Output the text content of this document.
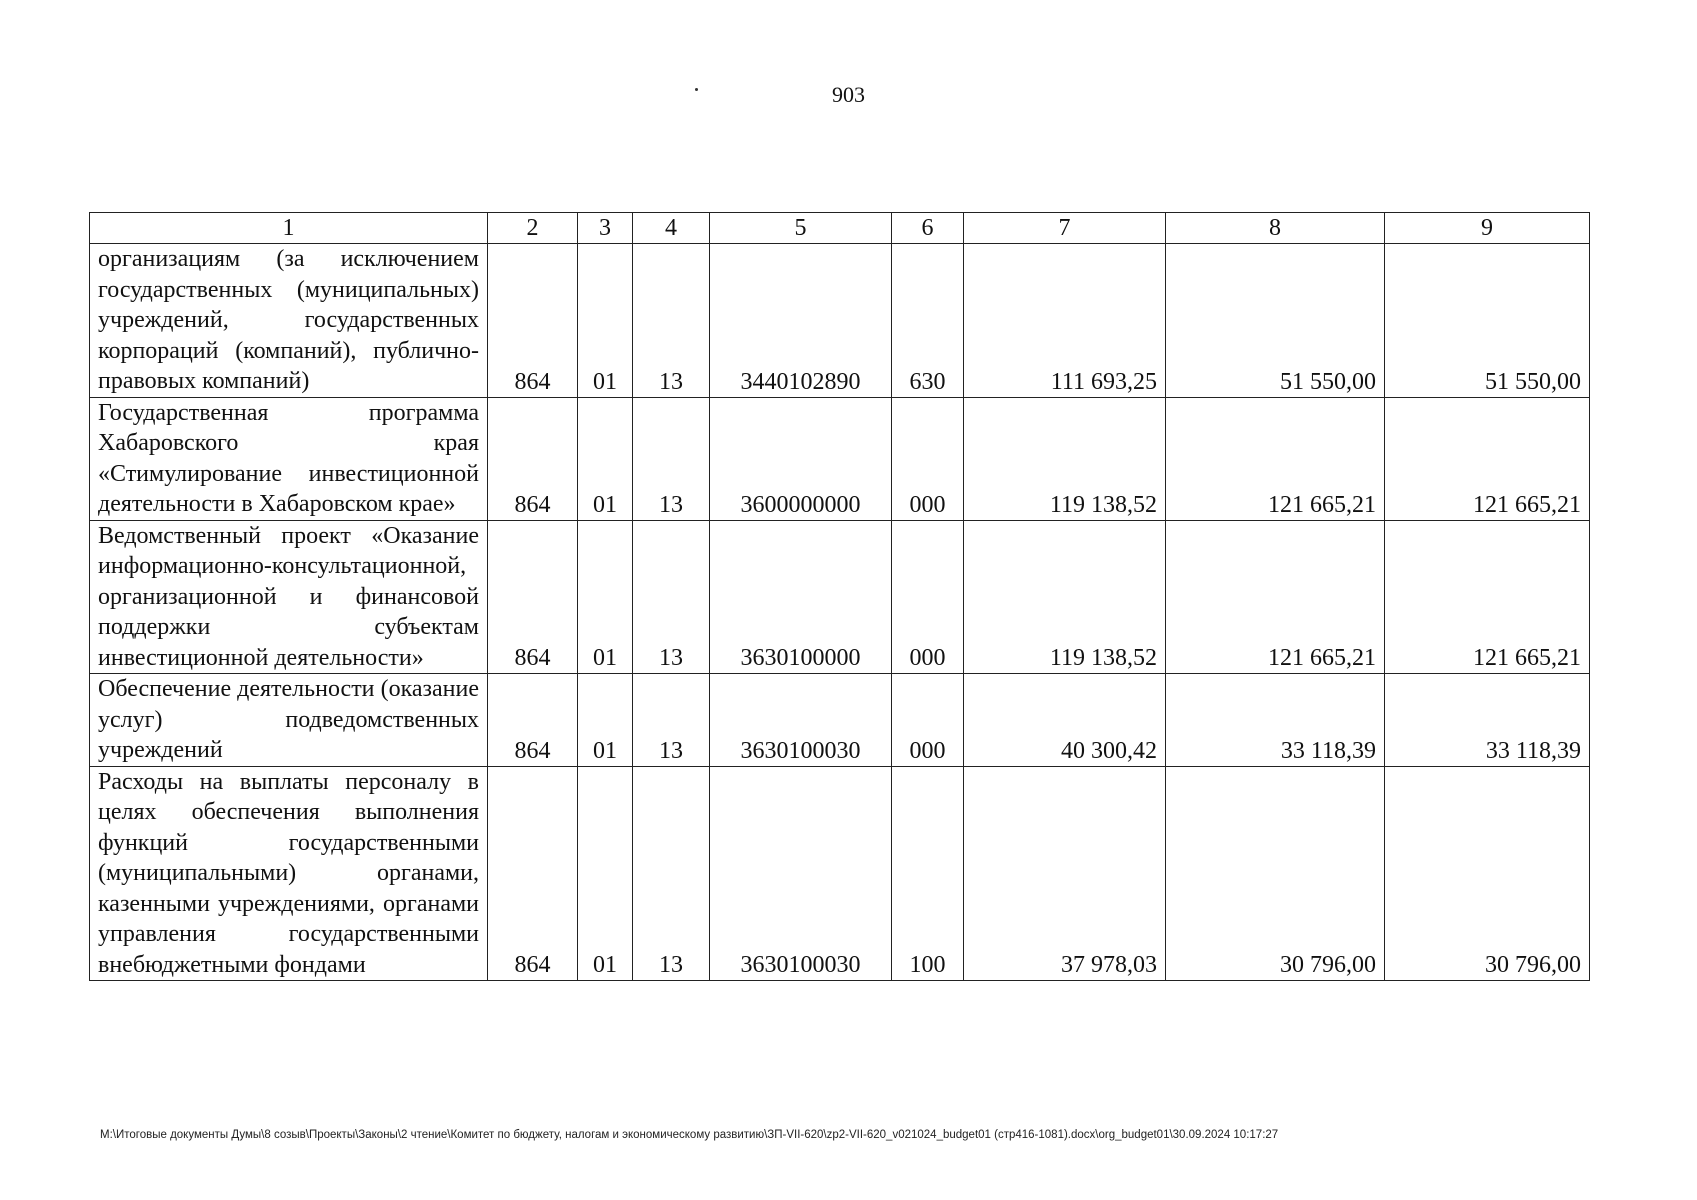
903
1	2	3	4	5	6	7	8	9
организациям (за исключением государственных (муниципальных) учреждений, государственных корпораций (компаний), публично-правовых компаний)	864	01	13	3440102890	630	111 693,25	51 550,00	51 550,00
Государственная программа Хабаровского края «Стимулирование инвестиционной деятельности в Хабаровском крае»	864	01	13	3600000000	000	119 138,52	121 665,21	121 665,21
Ведомственный проект «Оказание информационно-консультационной, организационной и финансовой поддержки субъектам инвестиционной деятельности»	864	01	13	3630100000	000	119 138,52	121 665,21	121 665,21
Обеспечение деятельности (оказание услуг) подведомственных учреждений	864	01	13	3630100030	000	40 300,42	33 118,39	33 118,39
Расходы на выплаты персоналу в целях обеспечения выполнения функций государственными (муниципальными) органами, казенными учреждениями, органами управления государственными внебюджетными фондами	864	01	13	3630100030	100	37 978,03	30 796,00	30 796,00
M:\Итоговые документы Думы\8 созыв\Проекты\Законы\2 чтение\Комитет по бюджету, налогам и экономическому развитию\ЗП-VII-620\zp2-VII-620_v021024_budget01 (стр416-1081).docx\org_budget01\30.09.2024 10:17:27
